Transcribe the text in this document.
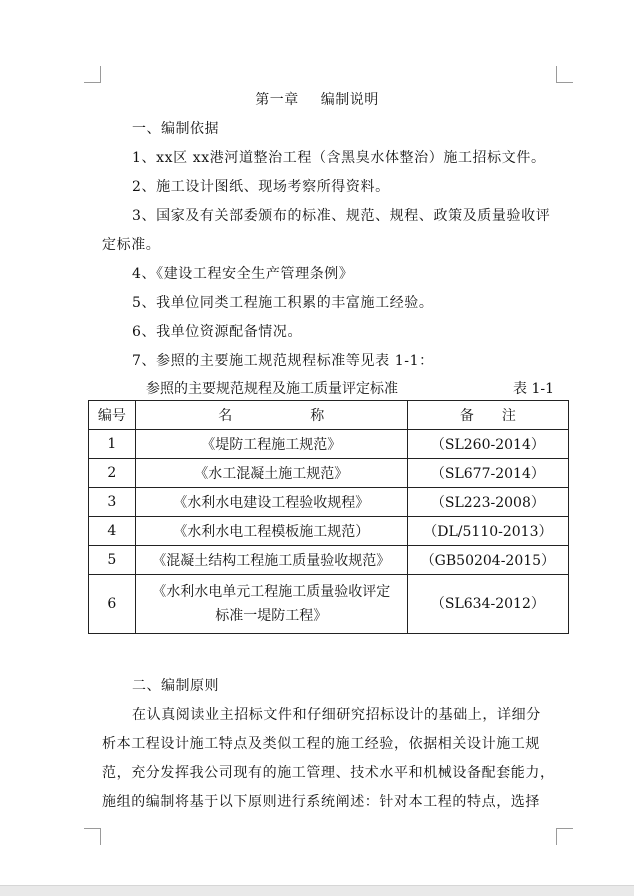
第一章 编制说明
一、编制依据
1、xx区 xx港河道整治工程（含黑臭水体整治）施工招标文件。
2、施工设计图纸、现场考察所得资料。
3、国家及有关部委颁布的标准、规范、规程、政策及质量验收评
定标准。
4、《建设工程安全生产管理条例》
5、我单位同类工程施工积累的丰富施工经验。
6、我单位资源配备情况。
7、参照的主要施工规范规程标准等见表 1-1：
参照的主要规范规程及施工质量评定标准	表 1-1
编号	名 称	备 注
1	《堤防工程施工规范》	（SL260-2014）
2	《水工混凝土施工规范》	（SL677-2014）
3	《水利水电建设工程验收规程》	（SL223-2008）
4	《水利水电工程模板施工规范）	（DL/5110-2013）
5	《混凝土结构工程施工质量验收规范》	（GB50204-2015）
6	《水利水电单元工程施工质量验收评定
标准一堤防工程》	（SL634-2012）
二、编制原则
在认真阅读业主招标文件和仔细研究招标设计的基础上，详细分
析本工程设计施工特点及类似工程的施工经验，依据相关设计施工规
范，充分发挥我公司现有的施工管理、技术水平和机械设备配套能力，
施组的编制将基于以下原则进行系统阐述：针对本工程的特点，选择
